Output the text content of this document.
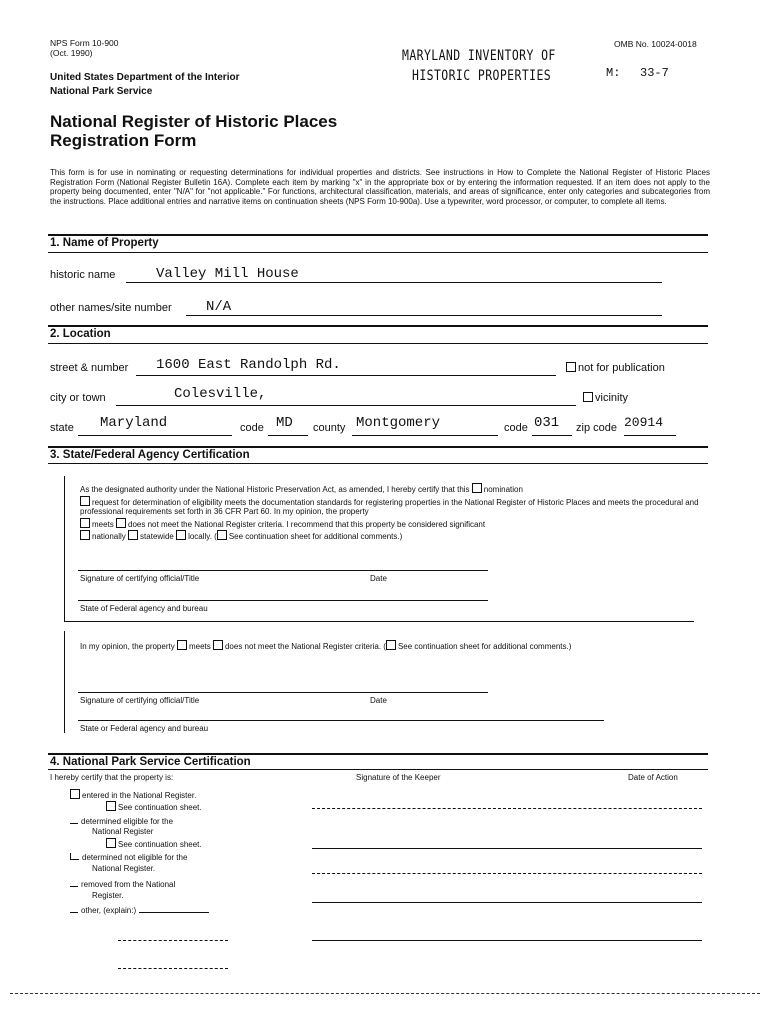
NPS Form 10-900
(Oct. 1990)
OMB No. 10024-0018
United States Department of the Interior
National Park Service
MARYLAND INVENTORY OF
HISTORIC PROPERTIES	M: 33-7
National Register of Historic Places
Registration Form
This form is for use in nominating or requesting determinations for individual properties and districts. See instructions in How to Complete the National Register of Historic Places Registration Form (National Register Bulletin 16A). Complete each item by marking "x" in the appropriate box or by entering the information requested. If an item does not apply to the property being documented, enter "N/A" for "not applicable." For functions, architectural classification, materials, and areas of significance, enter only categories and subcategories from the instructions. Place additional entries and narrative items on continuation sheets (NPS Form 10-900a). Use a typewriter, word processor, or computer, to complete all items.
1. Name of Property
historic name	Valley Mill House
other names/site number N/A
2. Location
street & number 1600 East Randolph Rd.	not for publication
city or town	Colesville,	vicinity
state Maryland	code MD county Montgomery	code 031 zip code 20914
3. State/Federal Agency Certification
As the designated authority under the National Historic Preservation Act, as amended, I hereby certify that this nomination
request for determination of eligibility meets the documentation standards for registering properties in the National Register of Historic Places and meets the procedural and professional requirements set forth in 36 CFR Part 60. In my opinion, the property
meets does not meet the National Register criteria. I recommend that this property be considered significant
nationally statewide locally. ( See continuation sheet for additional comments.)
Signature of certifying official/Title	Date
State of Federal agency and bureau
In my opinion, the property meets does not meet the National Register criteria. ( See continuation sheet for additional comments.)
Signature of certifying official/Title	Date
State or Federal agency and bureau
4. National Park Service Certification
I hereby certify that the property is:	Signature of the Keeper	Date of Action
entered in the National Register.
See continuation sheet.
determined eligible for the
National Register
See continuation sheet.
determined not eligible for the
National Register.
removed from the National
Register.
other, (explain:)
